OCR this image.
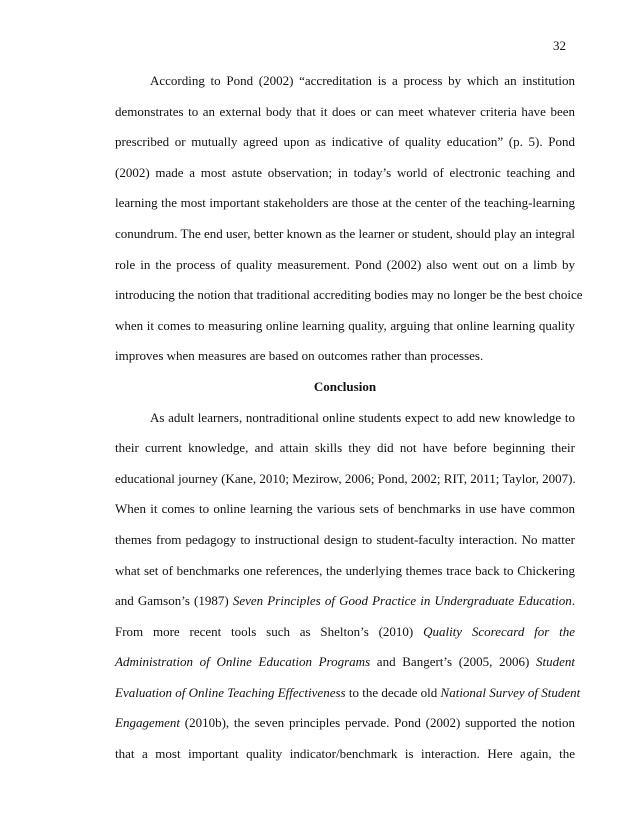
32
According to Pond (2002) “accreditation is a process by which an institution
demonstrates to an external body that it does or can meet whatever criteria have been
prescribed or mutually agreed upon as indicative of quality education” (p. 5). Pond
(2002) made a most astute observation; in today’s world of electronic teaching and
learning the most important stakeholders are those at the center of the teaching-learning
conundrum. The end user, better known as the learner or student, should play an integral
role in the process of quality measurement. Pond (2002) also went out on a limb by
introducing the notion that traditional accrediting bodies may no longer be the best choice
when it comes to measuring online learning quality, arguing that online learning quality
improves when measures are based on outcomes rather than processes.
Conclusion
As adult learners, nontraditional online students expect to add new knowledge to
their current knowledge, and attain skills they did not have before beginning their
educational journey (Kane, 2010; Mezirow, 2006; Pond, 2002; RIT, 2011; Taylor, 2007).
When it comes to online learning the various sets of benchmarks in use have common
themes from pedagogy to instructional design to student-faculty interaction. No matter
what set of benchmarks one references, the underlying themes trace back to Chickering
and Gamson’s (1987) Seven Principles of Good Practice in Undergraduate Education.
From more recent tools such as Shelton’s (2010) Quality Scorecard for the
Administration of Online Education Programs and Bangert’s (2005, 2006) Student
Evaluation of Online Teaching Effectiveness to the decade old National Survey of Student
Engagement (2010b), the seven principles pervade. Pond (2002) supported the notion
that a most important quality indicator/benchmark is interaction. Here again, the
